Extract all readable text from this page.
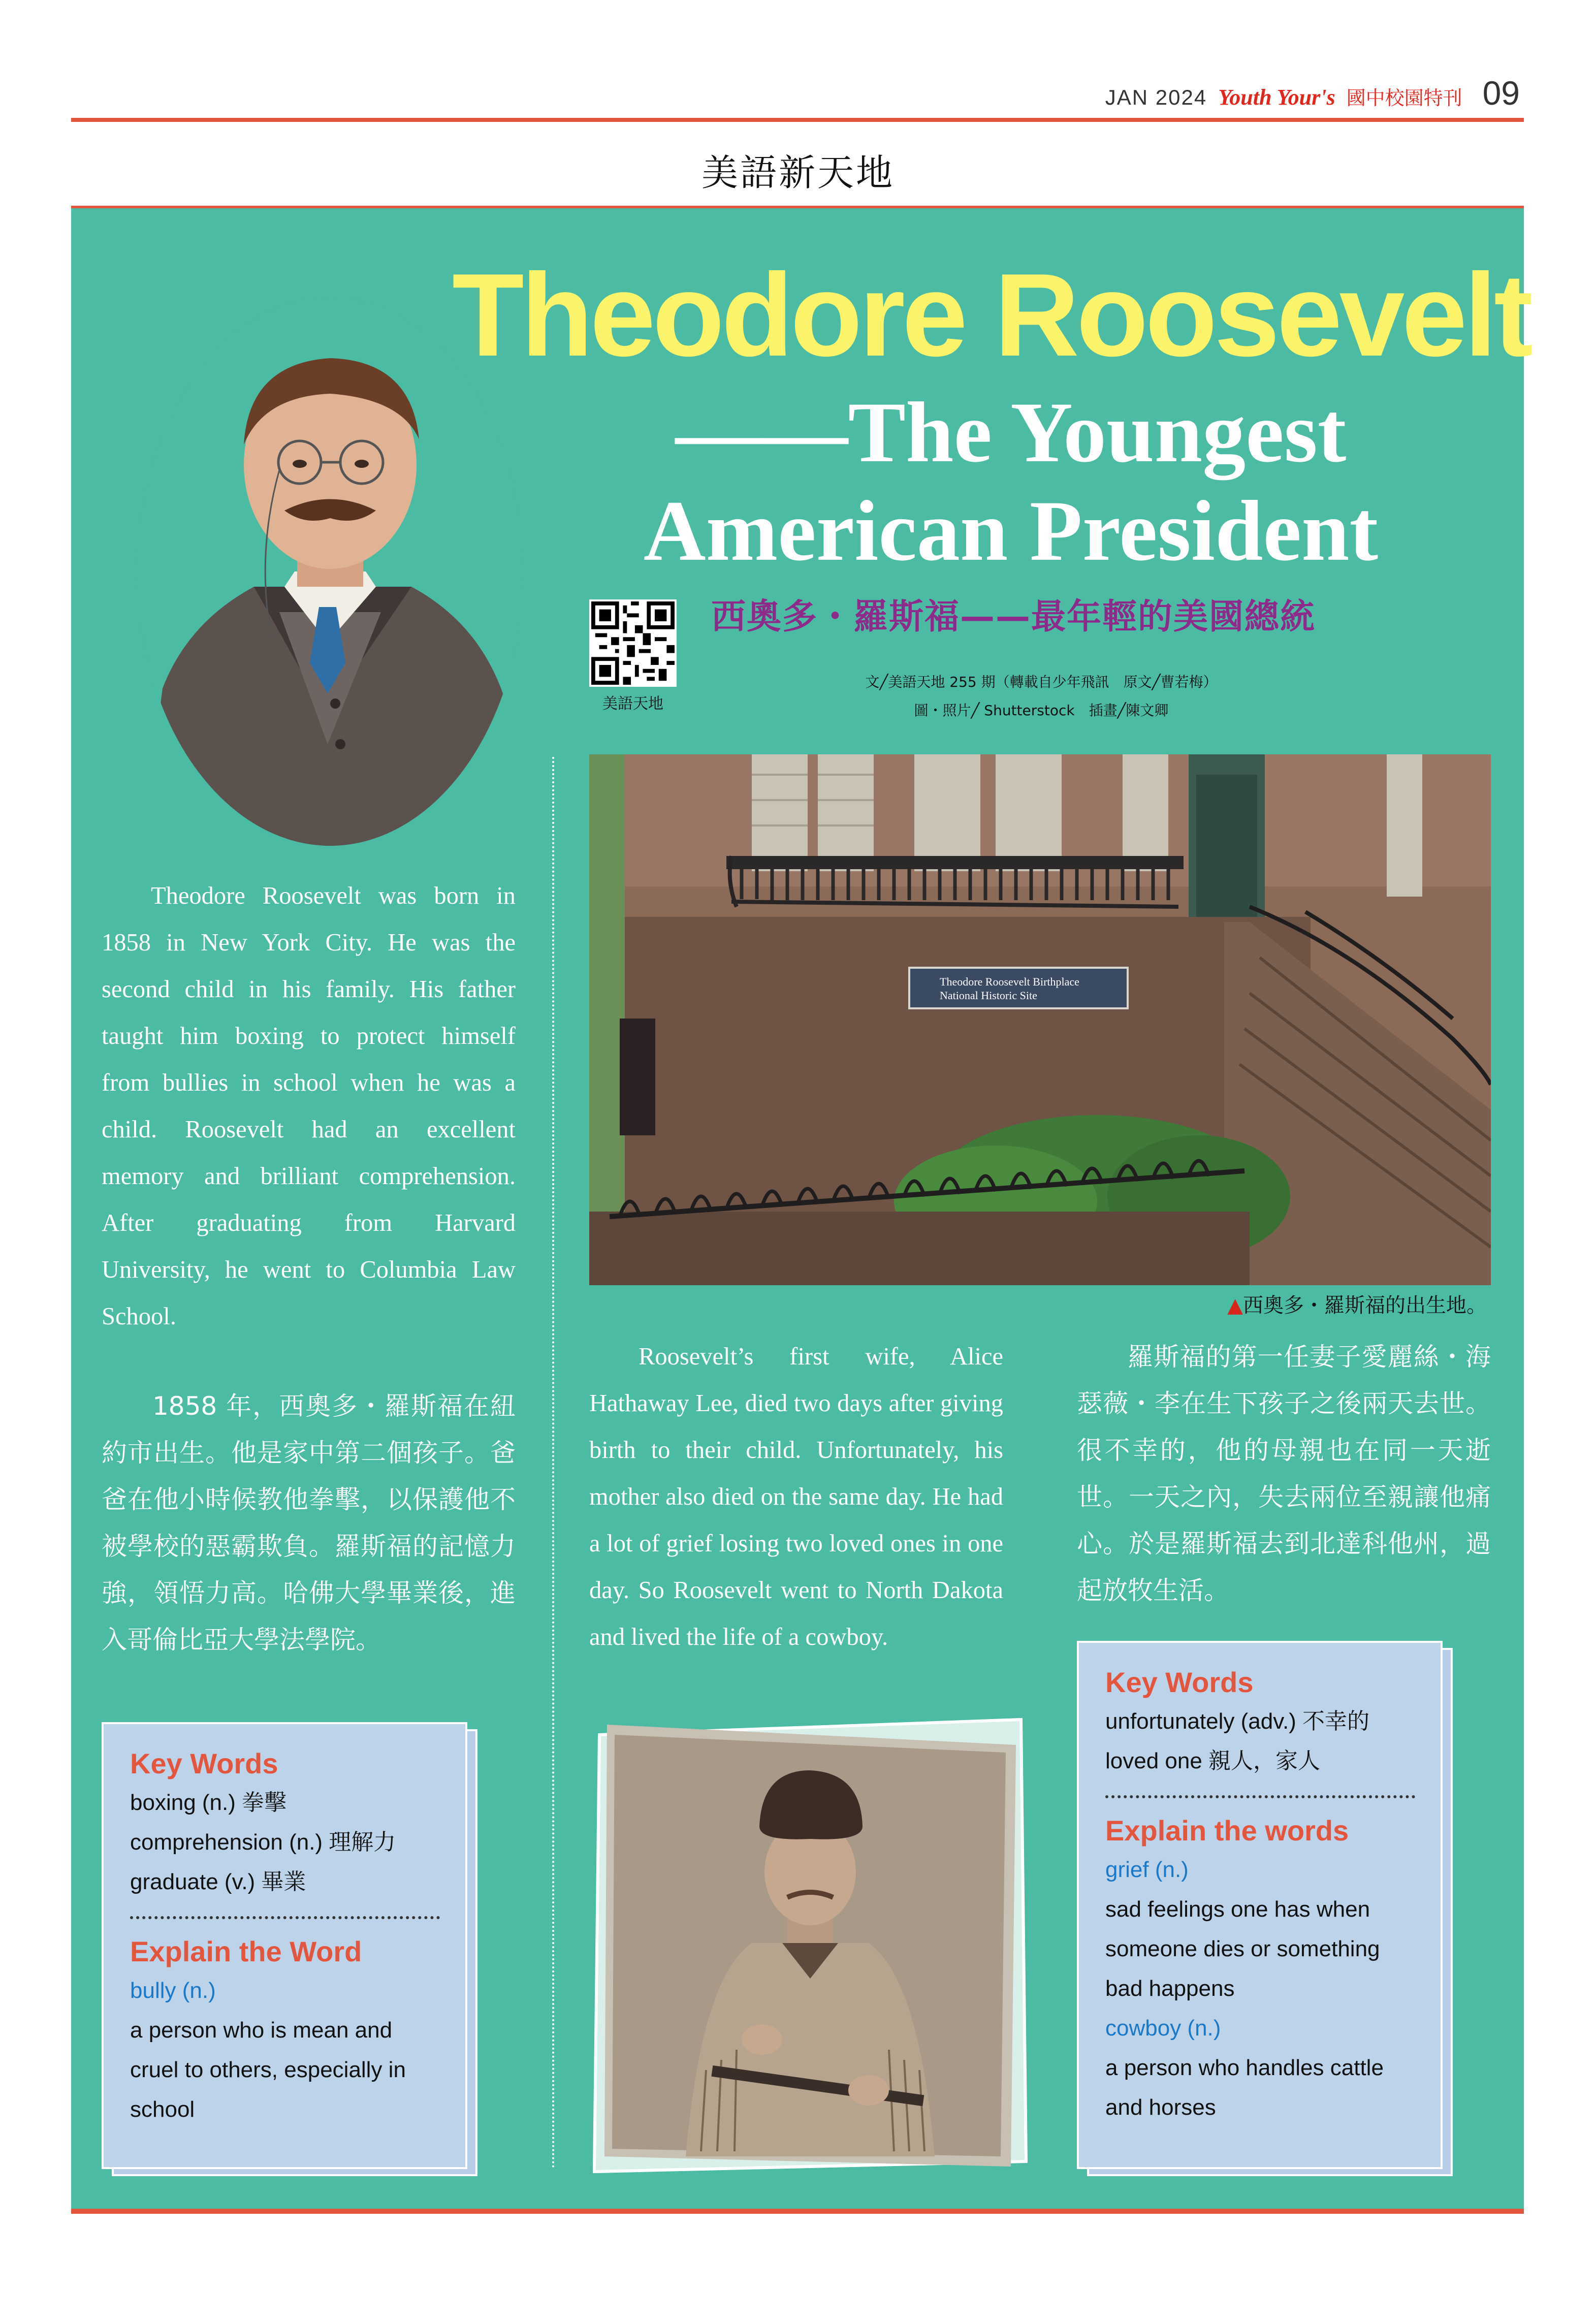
JAN 2024 Youth Your's 國中校園特刊 09
美語新天地
Theodore Roosevelt
——The Youngest
American President
西奧多・羅斯福——最年輕的美國總統
美語天地
文╱美語天地 255 期（轉載自少年飛訊　原文╱曹若梅）
圖・照片╱ Shutterstock　插畫╱陳文卿
Theodore Roosevelt Birthplace
National Historic Site
▲西奧多・羅斯福的出生地。

Theodore Roosevelt was born in 1858 in New York City. He was the second child in his family. His father taught him boxing to protect himself from bullies in school when he was a child. Roosevelt had an excellent memory and brilliant comprehension. After graduating from Harvard University, he went to Columbia Law School.

1858 年，西奧多・羅斯福在紐約市出生。他是家中第二個孩子。爸爸在他小時候教他拳擊，以保護他不被學校的惡霸欺負。羅斯福的記憶力強，領悟力高。哈佛大學畢業後，進入哥倫比亞大學法學院。

Roosevelt’s first wife, Alice Hathaway Lee, died two days after giving birth to their child. Unfortunately, his mother also died on the same day. He had a lot of grief losing two loved ones in one day. So Roosevelt went to North Dakota and lived the life of a cowboy.

羅斯福的第一任妻子愛麗絲・海瑟薇・李在生下孩子之後兩天去世。很不幸的，他的母親也在同一天逝世。一天之內，失去兩位至親讓他痛心。於是羅斯福去到北達科他州，過起放牧生活。

Key Words
boxing (n.) 拳擊
comprehension (n.) 理解力
graduate (v.) 畢業
Explain the Word
bully (n.)
a person who is mean and cruel to others, especially in school
Key Words
unfortunately (adv.) 不幸的
loved one 親人，家人
Explain the words
grief (n.)
sad feelings one has when someone dies or something bad happens
cowboy (n.)
a person who handles cattle and horses
